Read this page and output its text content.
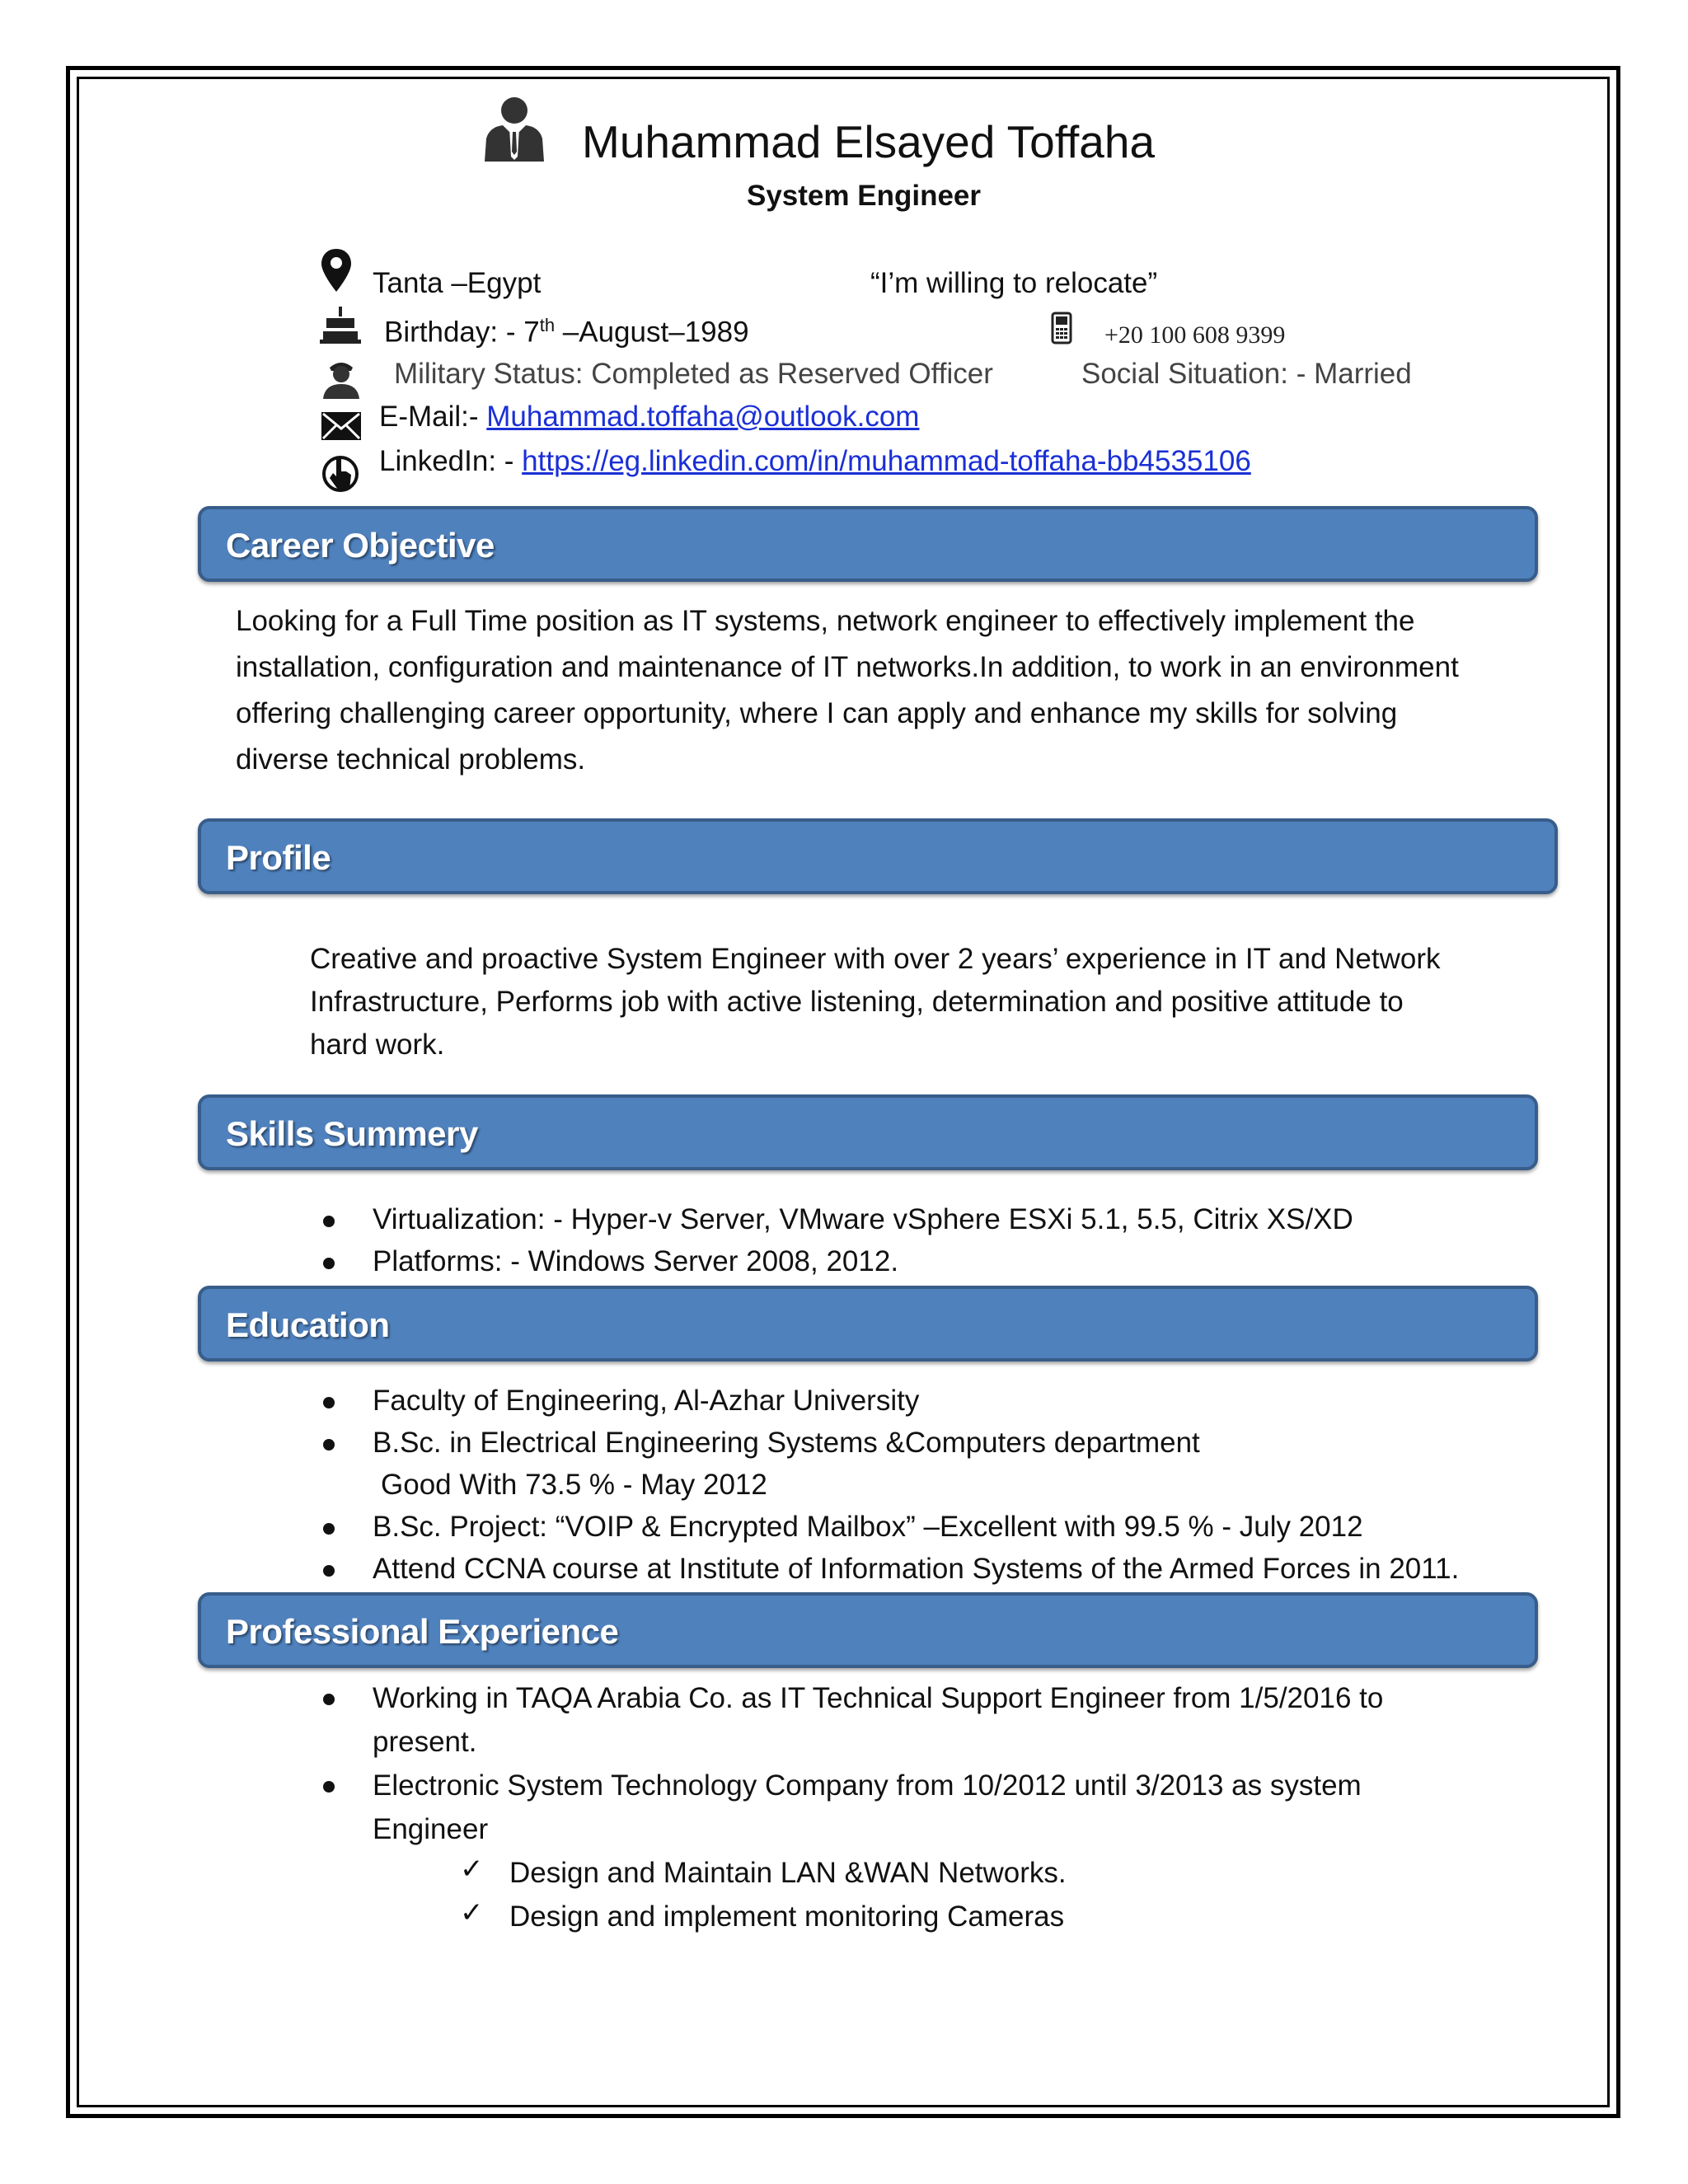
Muhammad Elsayed Toffaha
System Engineer
Tanta –Egypt	“I’m willing to relocate”
Birthday: - 7th –August–1989	+20 100 608 9399
Military Status: Completed as Reserved Officer	Social Situation: - Married
E-Mail:- Muhammad.toffaha@outlook.com
LinkedIn: - https://eg.linkedin.com/in/muhammad-toffaha-bb4535106
Career Objective
Looking for a Full Time position as IT systems, network engineer to effectively implement the
installation, configuration and maintenance of IT networks.In addition, to work in an environment
offering challenging career opportunity, where I can apply and enhance my skills for solving
diverse technical problems.
Profile
Creative and proactive System Engineer with over 2 years’ experience in IT and Network
Infrastructure, Performs job with active listening, determination and positive attitude to
hard work.
Skills Summery
Virtualization: - Hyper-v Server, VMware vSphere ESXi 5.1, 5.5, Citrix XS/XD
Platforms: - Windows Server 2008, 2012.
Education
Faculty of Engineering, Al-Azhar University
B.Sc. in Electrical Engineering Systems &Computers department
Good With 73.5 % - May 2012
B.Sc. Project: “VOIP & Encrypted Mailbox” –Excellent with 99.5 % - July 2012
Attend CCNA course at Institute of Information Systems of the Armed Forces in 2011.
Professional Experience
Working in TAQA Arabia Co. as IT Technical Support Engineer from 1/5/2016 to
present.
Electronic System Technology Company from 10/2012 until 3/2013 as system
Engineer
✓ Design and Maintain LAN &WAN Networks.
✓ Design and implement monitoring Cameras
